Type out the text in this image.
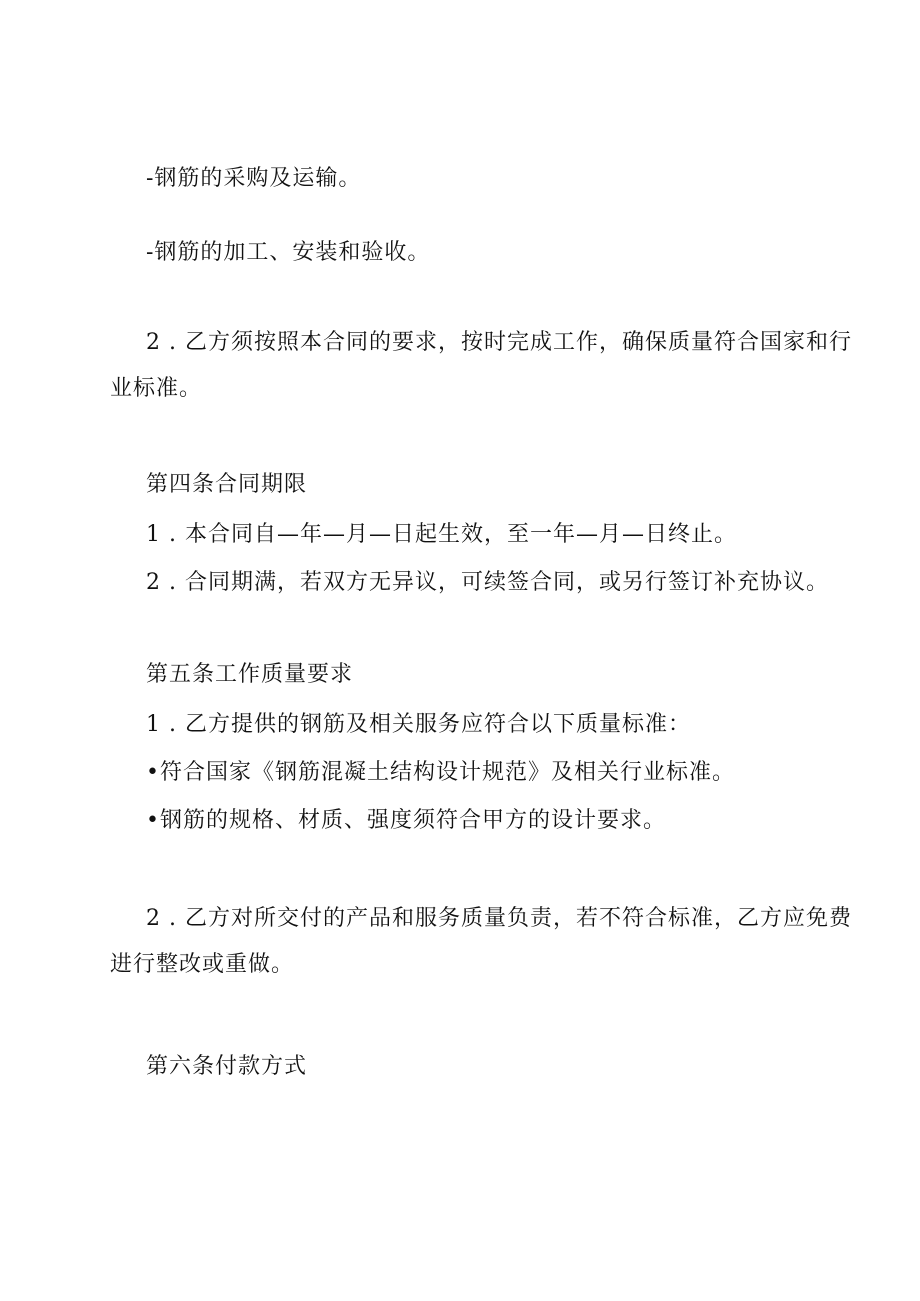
-钢筋的采购及运输。
-钢筋的加工、安装和验收。
2 . 乙方须按照本合同的要求，按时完成工作，确保质量符合国家和行
业标准。
第四条合同期限
1 . 本合同自—年—月—日起生效，至一年—月—日终止。
2 . 合同期满，若双方无异议，可续签合同，或另行签订补充协议。
第五条工作质量要求
1 . 乙方提供的钢筋及相关服务应符合以下质量标准：
•符合国家《钢筋混凝土结构设计规范》及相关行业标准。
•钢筋的规格、材质、强度须符合甲方的设计要求。
2 . 乙方对所交付的产品和服务质量负责，若不符合标准，乙方应免费
进行整改或重做。
第六条付款方式
